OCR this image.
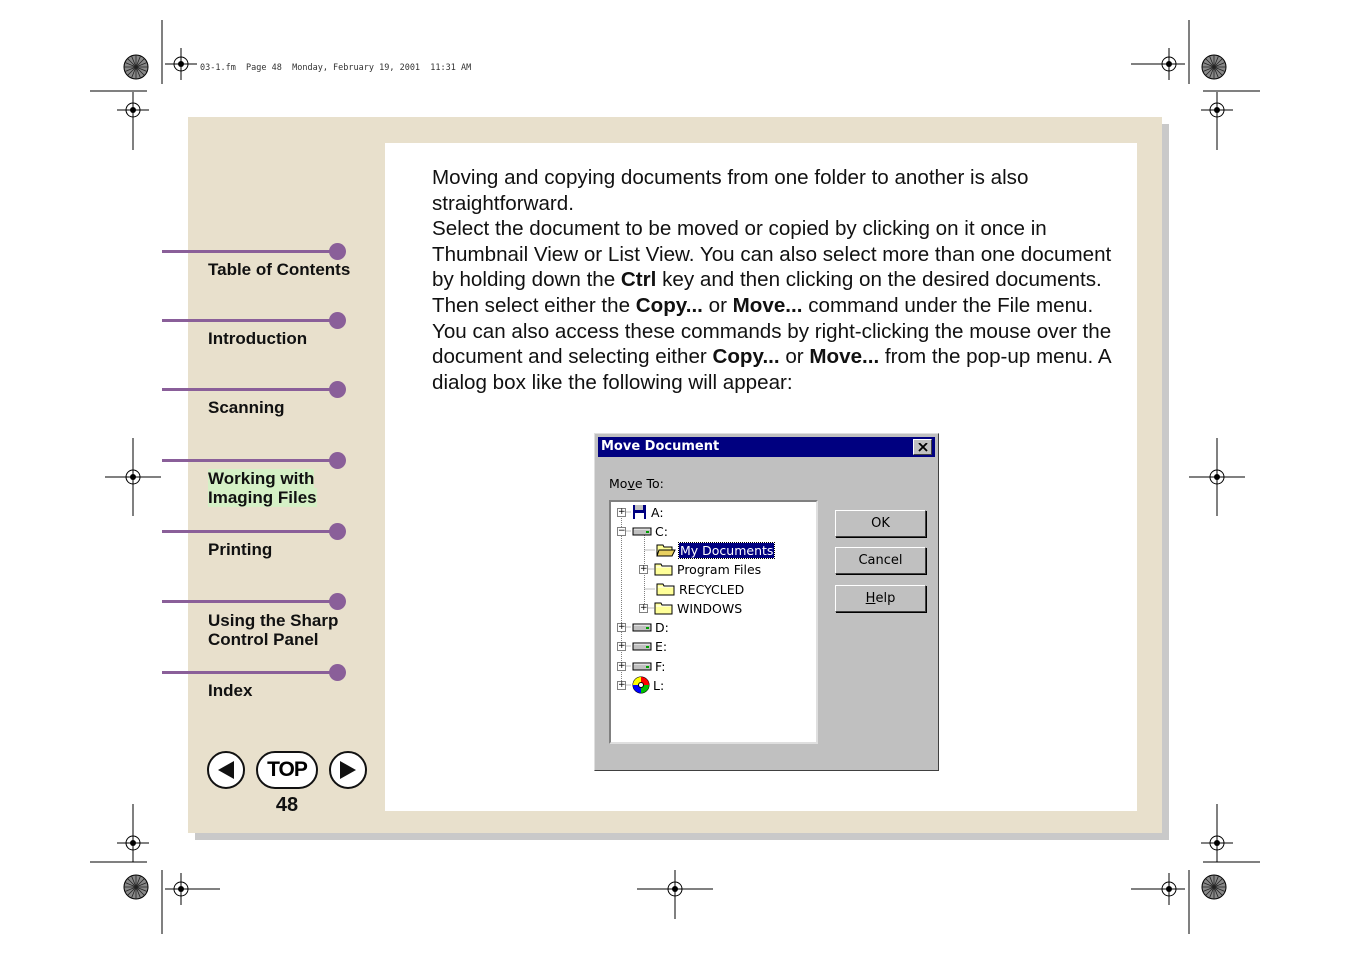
03-1.fm  Page 48  Monday, February 19, 2001  11:31 AM
Table of Contents
Introduction
Scanning
Working with
Imaging Files
Printing
Using the Sharp
Control Panel
Index
TOP
48

Moving and copying documents from one folder to another is also straightforward.

Select the document to be moved or copied by clicking on it once in Thumbnail View or List View. You can also select more than one document by holding down the Ctrl key and then clicking on the desired documents. Then select either the Copy... or Move... command under the File menu. You can also access these commands by right-clicking the mouse over the document and selecting either Copy... or Move... from the pop-up menu. A dialog box like the following will appear:

Move Document
Move To:
+ A:
− C:
My Documents
+ Program Files
RECYCLED
+ WINDOWS
+ D:
+ E:
+ F:
+ L:
OK
Cancel
H elp
